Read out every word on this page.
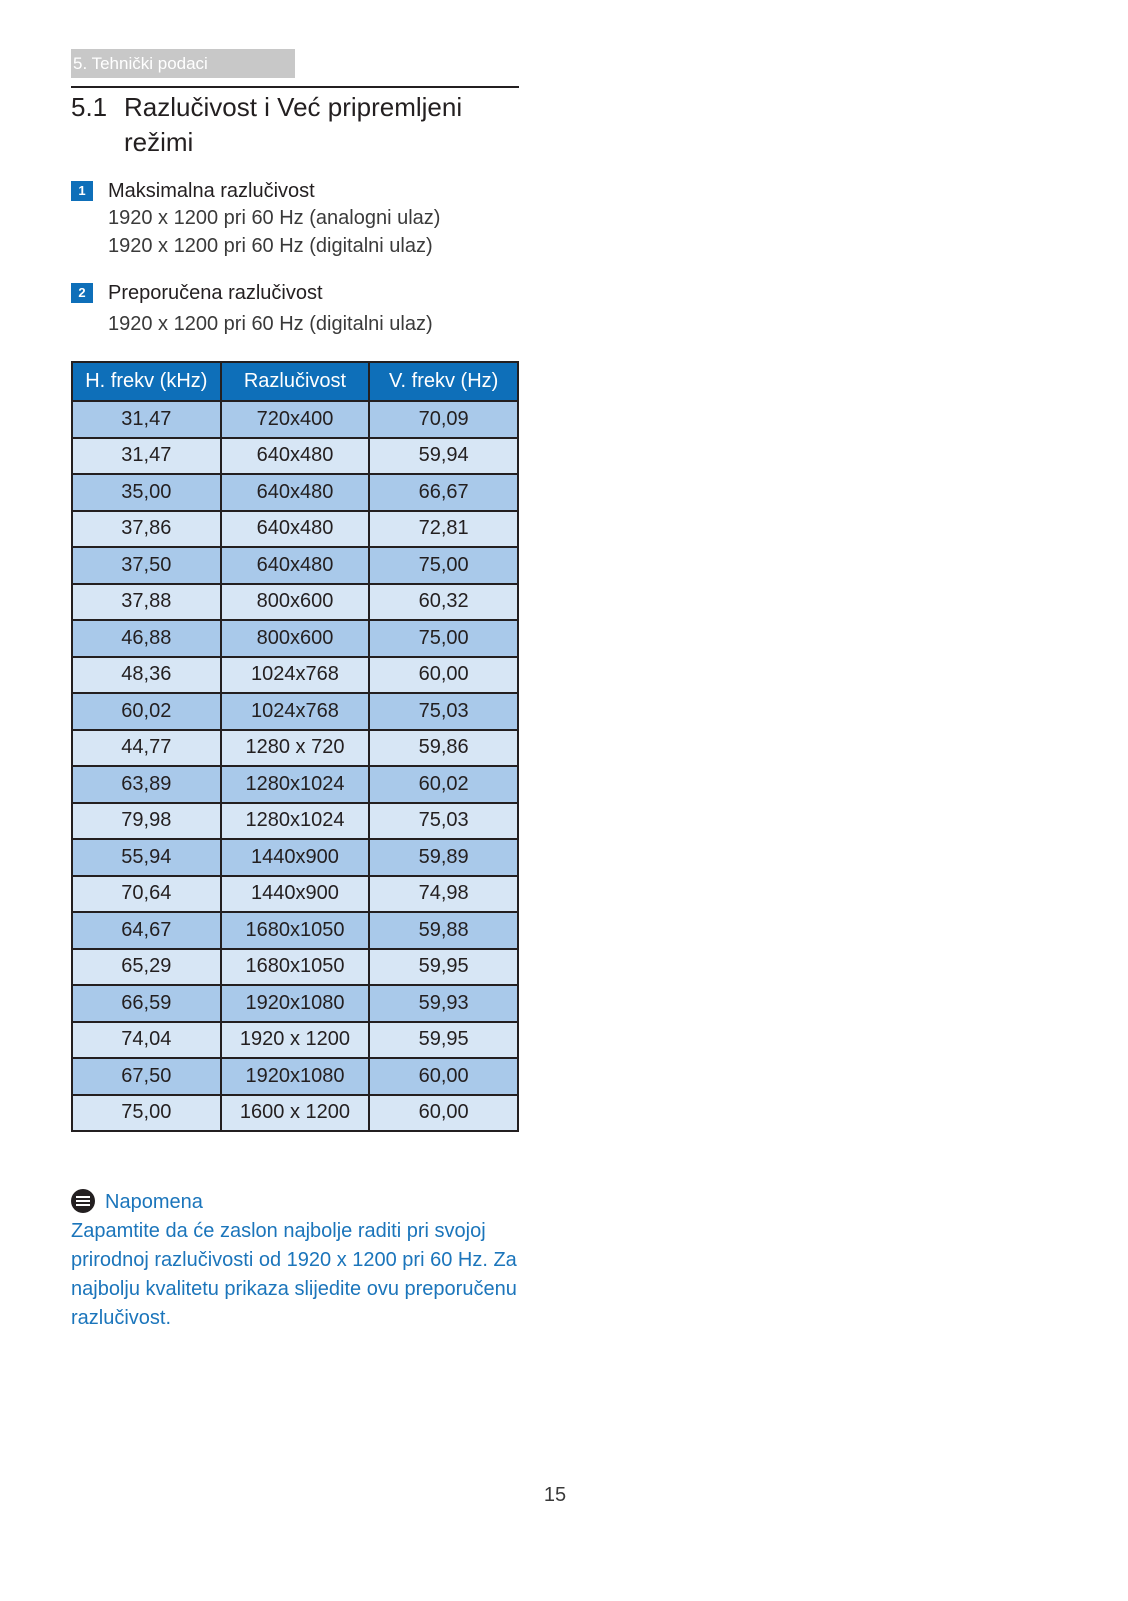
5. Tehnički podaci
5.1 Razlučivost i Već pripremljeni režimi
1	Maksimalna razlučivost
1920 x 1200 pri 60 Hz (analogni ulaz)
1920 x 1200 pri 60 Hz (digitalni ulaz)
2	Preporučena razlučivost
1920 x 1200 pri 60 Hz (digitalni ulaz)
H. frekv (kHz)	Razlučivost	V. frekv (Hz)
31,47	720x400	70,09
31,47	640x480	59,94
35,00	640x480	66,67
37,86	640x480	72,81
37,50	640x480	75,00
37,88	800x600	60,32
46,88	800x600	75,00
48,36	1024x768	60,00
60,02	1024x768	75,03
44,77	1280 x 720	59,86
63,89	1280x1024	60,02
79,98	1280x1024	75,03
55,94	1440x900	59,89
70,64	1440x900	74,98
64,67	1680x1050	59,88
65,29	1680x1050	59,95
66,59	1920x1080	59,93
74,04	1920 x 1200	59,95
67,50	1920x1080	60,00
75,00	1600 x 1200	60,00
Napomena
Zapamtite da će zaslon najbolje raditi pri svojoj prirodnoj razlučivosti od 1920 x 1200 pri 60 Hz. Za najbolju kvalitetu prikaza slijedite ovu preporučenu razlučivost.
15
